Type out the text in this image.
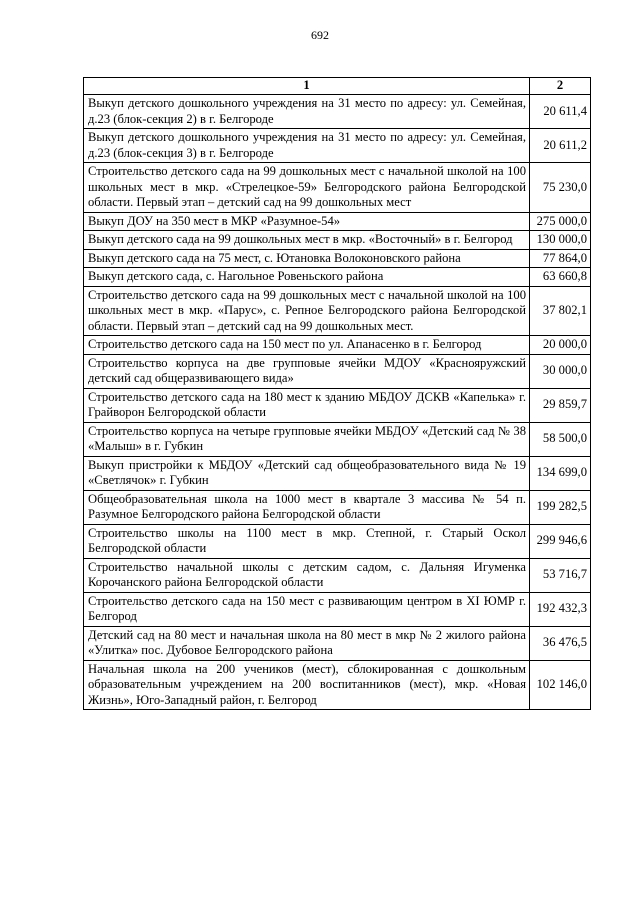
692
1	2
Выкуп детского дошкольного учреждения на 31 место по адресу: ул. Семейная, д.23 (блок-секция 2) в г. Белгороде	20 611,4
Выкуп детского дошкольного учреждения на 31 место по адресу: ул. Семейная, д.23 (блок-секция 3) в г. Белгороде	20 611,2
Строительство детского сада на 99 дошкольных мест с начальной школой на 100 школьных мест в мкр. «Стрелецкое-59» Белгородского района Белгородской области. Первый этап – детский сад на 99 дошкольных мест	75 230,0
Выкуп ДОУ на 350 мест в МКР «Разумное-54»	275 000,0
Выкуп детского сада на 99 дошкольных мест в мкр. «Восточный» в г. Белгород	130 000,0
Выкуп детского сада на 75 мест, с. Ютановка Волоконовского района	77 864,0
Выкуп детского сада, с. Нагольное Ровеньского района	63 660,8
Строительство детского сада на 99 дошкольных мест с начальной школой на 100 школьных мест в мкр. «Парус», с. Репное Белгородского района Белгородской области. Первый этап – детский сад на 99 дошкольных мест.	37 802,1
Строительство детского сада на 150 мест по ул. Апанасенко в г. Белгород	20 000,0
Строительство корпуса на две групповые ячейки МДОУ «Краснояружский детский сад общеразвивающего вида»	30 000,0
Строительство детского сада на 180 мест к зданию МБДОУ ДСКВ «Капелька» г. Грайворон Белгородской области	29 859,7
Строительство корпуса на четыре групповые ячейки МБДОУ «Детский сад № 38 «Малыш» в г. Губкин	58 500,0
Выкуп пристройки к МБДОУ «Детский сад общеобразовательного вида № 19 «Светлячок» г. Губкин	134 699,0
Общеобразовательная школа на 1000 мест в квартале 3 массива № 54 п. Разумное Белгородского района Белгородской области	199 282,5
Строительство школы на 1100 мест в мкр. Степной, г. Старый Оскол Белгородской области	299 946,6
Строительство начальной школы с детским садом, с. Дальняя Игуменка Корочанского района Белгородской области	53 716,7
Строительство детского сада на 150 мест с развивающим центром в XI ЮМР г. Белгород	192 432,3
Детский сад на 80 мест и начальная школа на 80 мест в мкр № 2 жилого района «Улитка» пос. Дубовое Белгородского района	36 476,5
Начальная школа на 200 учеников (мест), сблокированная с дошкольным образовательным учреждением на 200 воспитанников (мест), мкр. «Новая Жизнь», Юго-Западный район, г. Белгород	102 146,0
